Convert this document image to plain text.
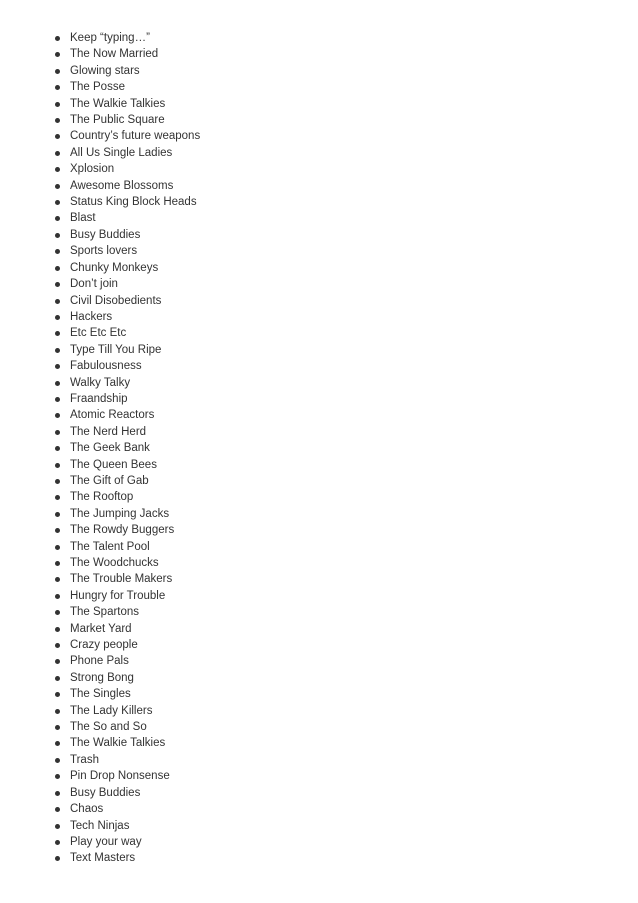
Keep “typing…”
The Now Married
Glowing stars
The Posse
The Walkie Talkies
The Public Square
Country’s future weapons
All Us Single Ladies
Xplosion
Awesome Blossoms
Status King Block Heads
Blast
Busy Buddies
Sports lovers
Chunky Monkeys
Don’t join
Civil Disobedients
Hackers
Etc Etc Etc
Type Till You Ripe
Fabulousness
Walky Talky
Fraandship
Atomic Reactors
The Nerd Herd
The Geek Bank
The Queen Bees
The Gift of Gab
The Rooftop
The Jumping Jacks
The Rowdy Buggers
The Talent Pool
The Woodchucks
The Trouble Makers
Hungry for Trouble
The Spartons
Market Yard
Crazy people
Phone Pals
Strong Bong
The Singles
The Lady Killers
The So and So
The Walkie Talkies
Trash
Pin Drop Nonsense
Busy Buddies
Chaos
Tech Ninjas
Play your way
Text Masters
